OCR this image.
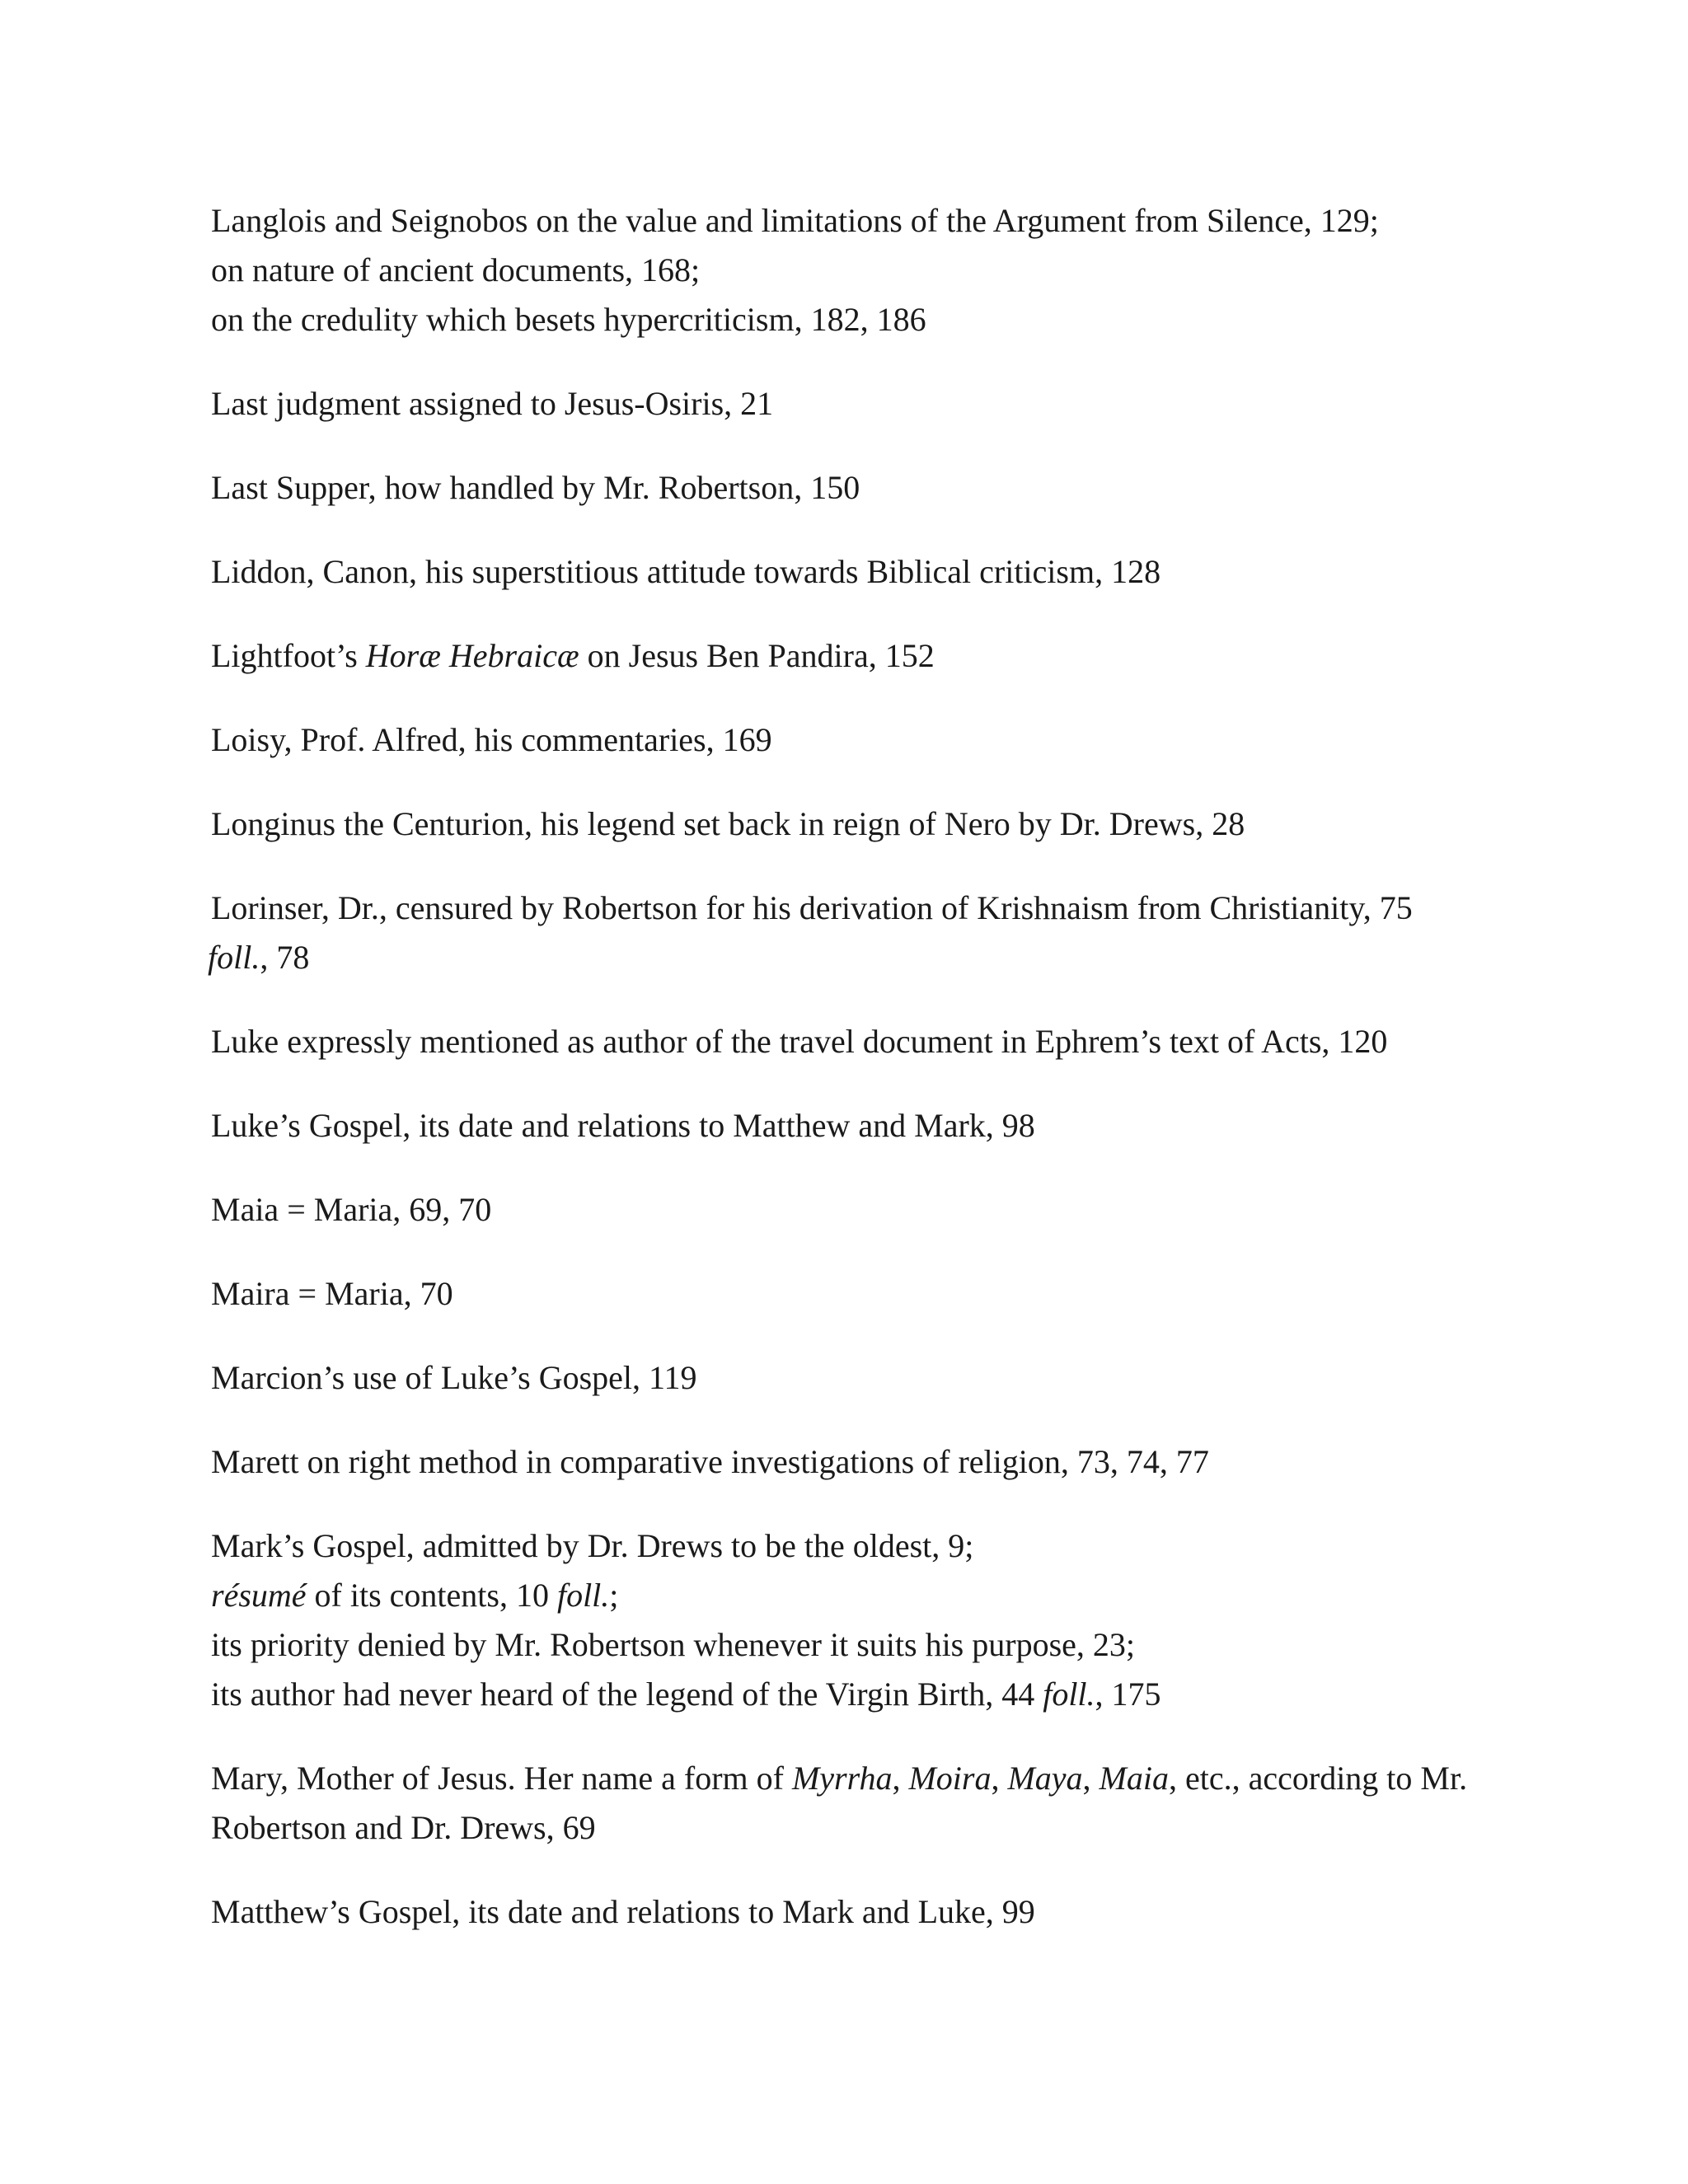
Langlois and Seignobos on the value and limitations of the Argument from Silence, 129;
on nature of ancient documents, 168;
on the credulity which besets hypercriticism, 182, 186
Last judgment assigned to Jesus-Osiris, 21
Last Supper, how handled by Mr. Robertson, 150
Liddon, Canon, his superstitious attitude towards Biblical criticism, 128
Lightfoot’s Horæ Hebraicæ on Jesus Ben Pandira, 152
Loisy, Prof. Alfred, his commentaries, 169
Longinus the Centurion, his legend set back in reign of Nero by Dr. Drews, 28
Lorinser, Dr., censured by Robertson for his derivation of Krishnaism from Christianity, 75
foll., 78
Luke expressly mentioned as author of the travel document in Ephrem’s text of Acts, 120
Luke’s Gospel, its date and relations to Matthew and Mark, 98
Maia = Maria, 69, 70
Maira = Maria, 70
Marcion’s use of Luke’s Gospel, 119
Marett on right method in comparative investigations of religion, 73, 74, 77
Mark’s Gospel, admitted by Dr. Drews to be the oldest, 9;
résumé of its contents, 10 foll.;
its priority denied by Mr. Robertson whenever it suits his purpose, 23;
its author had never heard of the legend of the Virgin Birth, 44 foll., 175
Mary, Mother of Jesus. Her name a form of Myrrha, Moira, Maya, Maia, etc., according to Mr. Robertson and Dr. Drews, 69
Matthew’s Gospel, its date and relations to Mark and Luke, 99
